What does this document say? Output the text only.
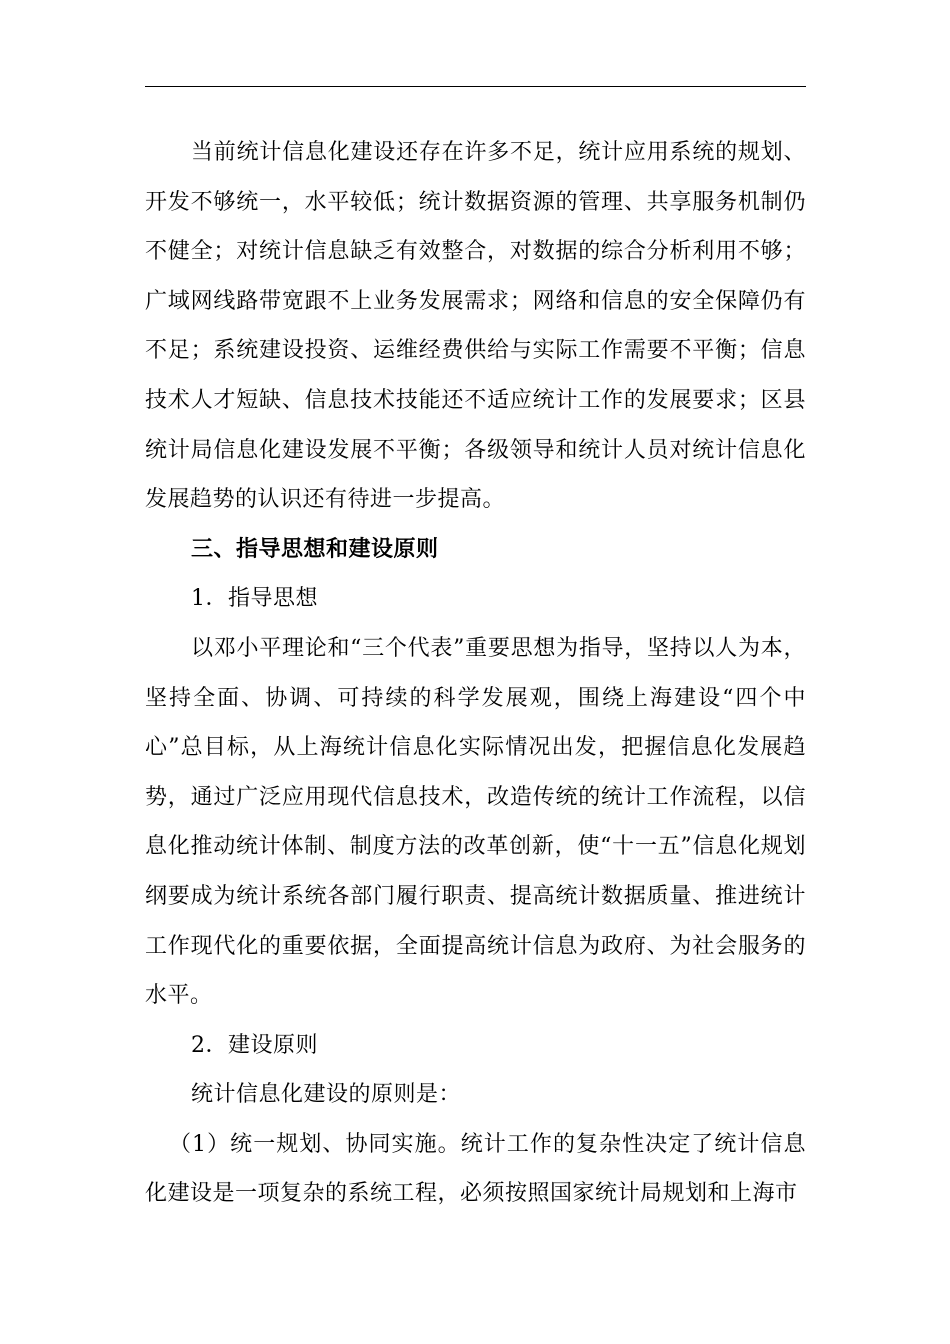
当前统计信息化建设还存在许多不足，统计应用系统的规划、开发不够统一，水平较低；统计数据资源的管理、共享服务机制仍不健全；对统计信息缺乏有效整合，对数据的综合分析利用不够；广域网线路带宽跟不上业务发展需求；网络和信息的安全保障仍有不足；系统建设投资、运维经费供给与实际工作需要不平衡；信息技术人才短缺、信息技术技能还不适应统计工作的发展要求；区县统计局信息化建设发展不平衡；各级领导和统计人员对统计信息化发展趋势的认识还有待进一步提高。

三、指导思想和建设原则

1．指导思想

以邓小平理论和“三个代表”重要思想为指导，坚持以人为本，坚持全面、协调、可持续的科学发展观，围绕上海建设“四个中心”总目标，从上海统计信息化实际情况出发，把握信息化发展趋势，通过广泛应用现代信息技术，改造传统的统计工作流程，以信息化推动统计体制、制度方法的改革创新，使“十一五”信息化规划纲要成为统计系统各部门履行职责、提高统计数据质量、推进统计工作现代化的重要依据，全面提高统计信息为政府、为社会服务的水平。

2．建设原则

统计信息化建设的原则是：

（1）统一规划、协同实施。统计工作的复杂性决定了统计信息化建设是一项复杂的系统工程，必须按照国家统计局规划和上海市
